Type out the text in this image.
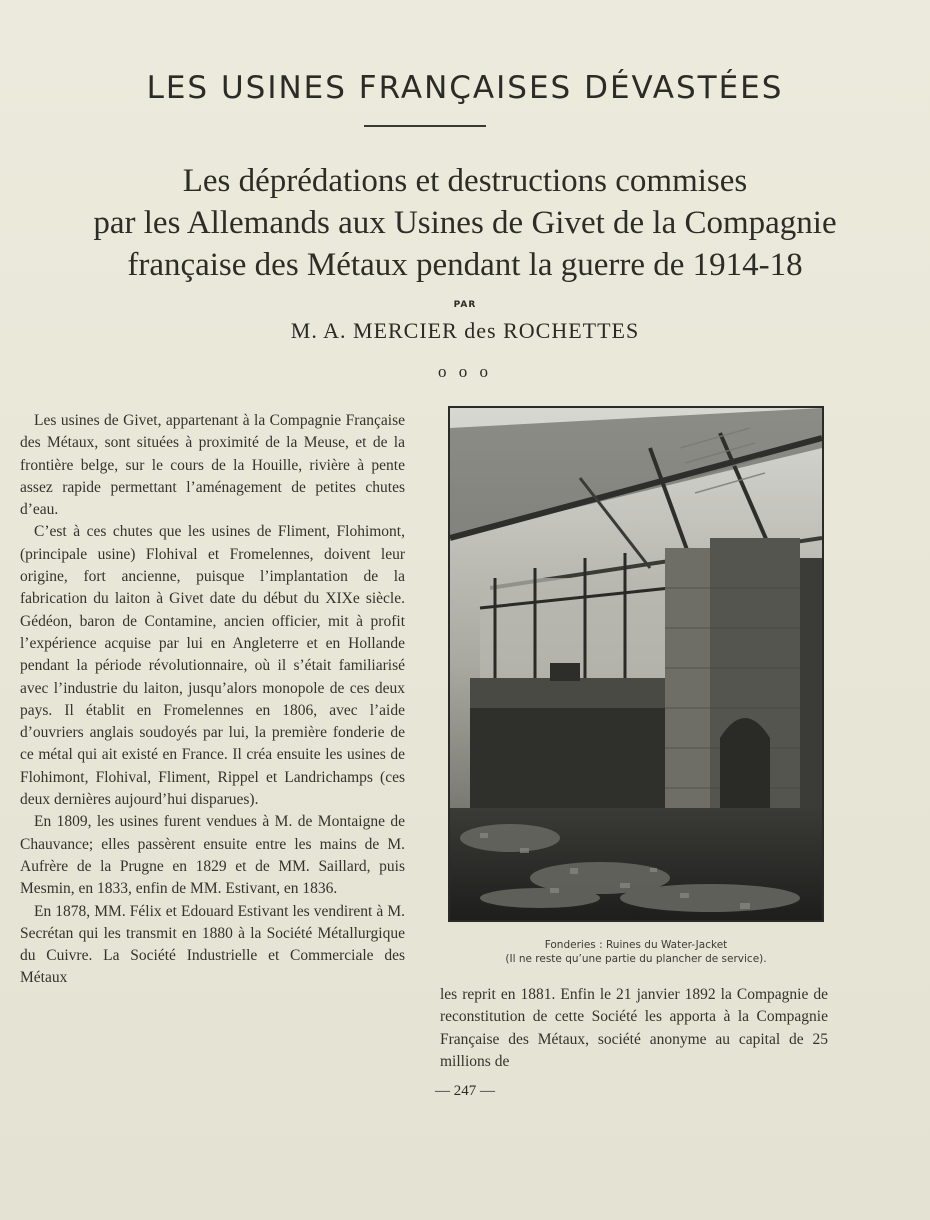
LES USINES FRANÇAISES DÉVASTÉES
Les déprédations et destructions commises
par les Allemands aux Usines de Givet de la Compagnie
française des Métaux pendant la guerre de 1914-18
PAR
M. A. MERCIER des ROCHETTES
o o o

Les usines de Givet, appartenant à la Compagnie Française des Métaux, sont situées à proximité de la Meuse, et de la frontière belge, sur le cours de la Houille, rivière à pente assez rapide permettant l’aménagement de petites chutes d’eau.

C’est à ces chutes que les usines de Fliment, Flohimont, (principale usine) Flohival et Fromelennes, doivent leur origine, fort ancienne, puisque l’implantation de la fabrication du laiton à Givet date du début du XIXe siècle. Gédéon, baron de Contamine, ancien officier, mit à profit l’expérience acquise par lui en Angleterre et en Hollande pendant la période révolutionnaire, où il s’était familiarisé avec l’industrie du laiton, jusqu’alors monopole de ces deux pays. Il établit en Fromelennes en 1806, avec l’aide d’ouvriers anglais soudoyés par lui, la première fonderie de ce métal qui ait existé en France. Il créa ensuite les usines de Flohimont, Flohival, Fliment, Rippel et Landrichamps (ces deux dernières aujourd’hui disparues).

En 1809, les usines furent vendues à M. de Montaigne de Chauvance; elles passèrent ensuite entre les mains de M. Aufrère de la Prugne en 1829 et de MM. Saillard, puis Mesmin, en 1833, enfin de MM. Estivant, en 1836.

En 1878, MM. Félix et Edouard Estivant les vendirent à M. Secrétan qui les transmit en 1880 à la Société Métallurgique du Cuivre. La Société Industrielle et Commerciale des Métaux

Fonderies : Ruines du Water-Jacket
(Il ne reste qu’une partie du plancher de service).

les reprit en 1881. Enfin le 21 janvier 1892 la Compagnie de reconstitution de cette Société les apporta à la Compagnie Française des Métaux, société anonyme au capital de 25 millions de

— 247 —
